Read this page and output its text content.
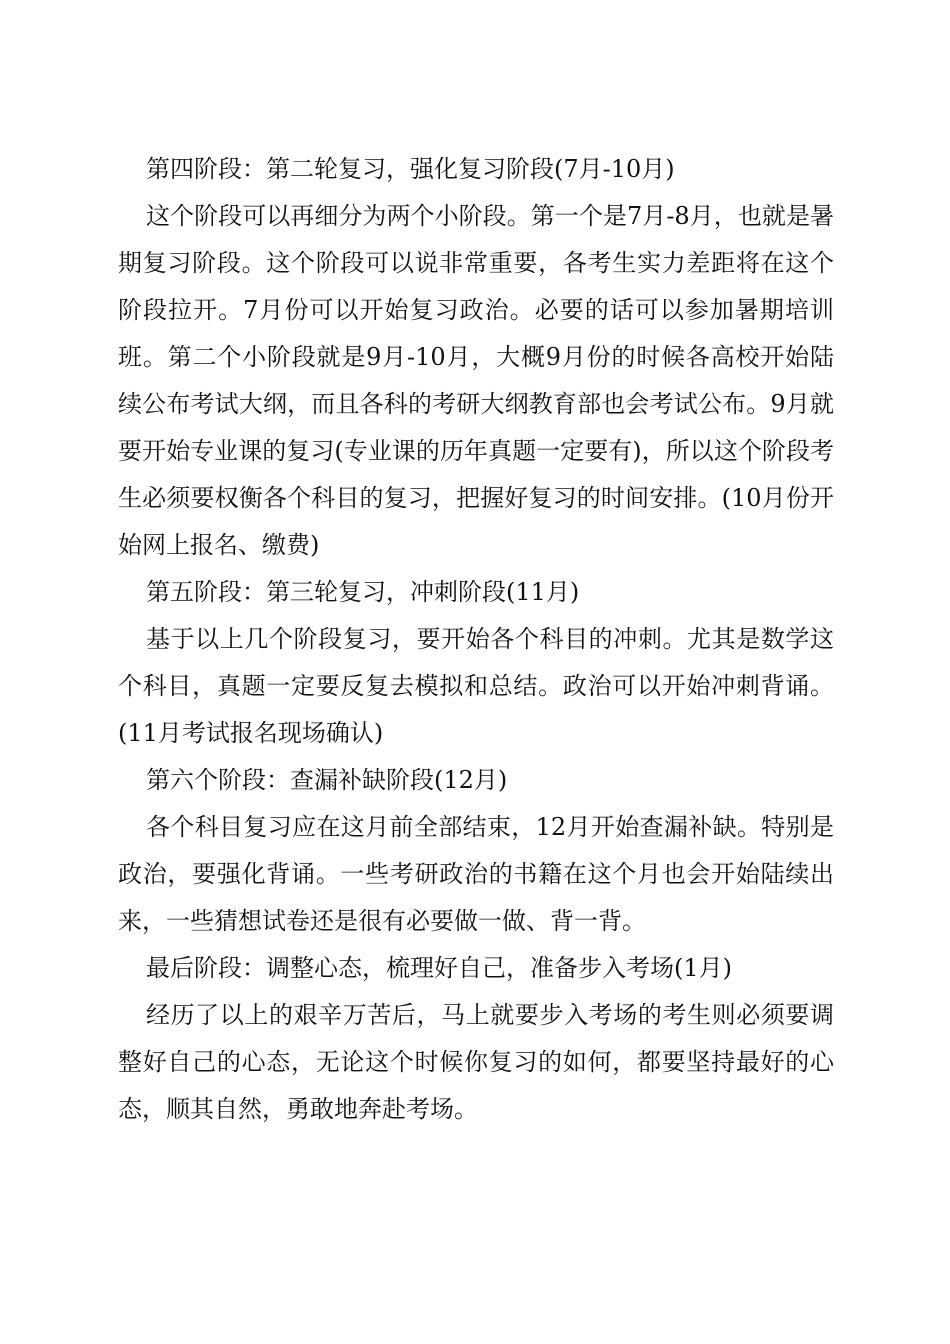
第四阶段：第二轮复习，强化复习阶段(7月-10月)

这个阶段可以再细分为两个小阶段。第一个是7月-8月，也就是暑期复习阶段。这个阶段可以说非常重要，各考生实力差距将在这个阶段拉开。7月份可以开始复习政治。必要的话可以参加暑期培训班。第二个小阶段就是9月-10月，大概9月份的时候各高校开始陆续公布考试大纲，而且各科的考研大纲教育部也会考试公布。9月就要开始专业课的复习(专业课的历年真题一定要有)，所以这个阶段考生必须要权衡各个科目的复习，把握好复习的时间安排。(10月份开始网上报名、缴费)

第五阶段：第三轮复习，冲刺阶段(11月)

基于以上几个阶段复习，要开始各个科目的冲刺。尤其是数学这个科目，真题一定要反复去模拟和总结。政治可以开始冲刺背诵。(11月考试报名现场确认)

第六个阶段：查漏补缺阶段(12月)

各个科目复习应在这月前全部结束，12月开始查漏补缺。特别是政治，要强化背诵。一些考研政治的书籍在这个月也会开始陆续出来，一些猜想试卷还是很有必要做一做、背一背。

最后阶段：调整心态，梳理好自己，准备步入考场(1月)

经历了以上的艰辛万苦后，马上就要步入考场的考生则必须要调整好自己的心态，无论这个时候你复习的如何，都要坚持最好的心态，顺其自然，勇敢地奔赴考场。
